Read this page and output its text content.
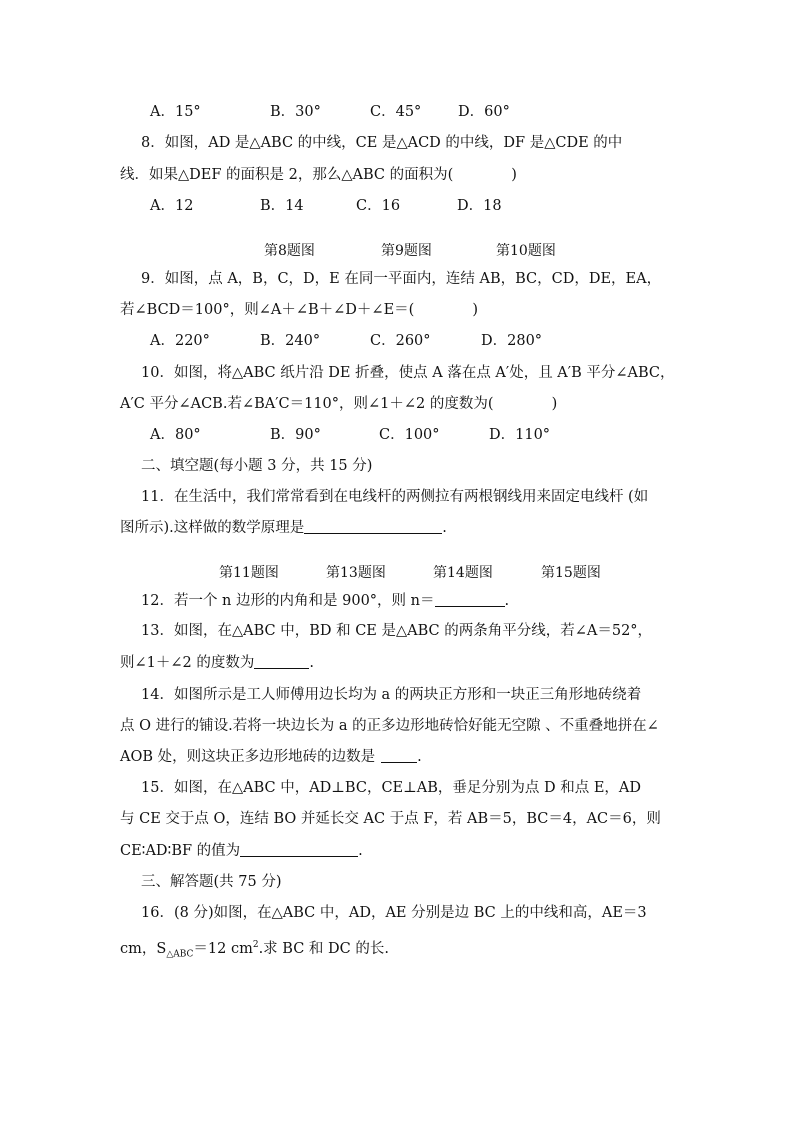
A．15°	B．30°	C．45°	D．60°
8．如图，AD 是△ABC 的中线，CE 是△ACD 的中线，DF 是△CDE 的中
线．如果△DEF 的面积是 2，那么△ABC 的面积为(	)
A．12	B．14	C．16	D．18
第8题图	第9题图	第10题图
9．如图，点 A，B，C，D，E 在同一平面内，连结 AB，BC，CD，DE，EA，
若∠BCD＝100°，则∠A＋∠B＋∠D＋∠E＝(	)
A．220°	B．240°	C．260°	D．280°
10．如图，将△ABC 纸片沿 DE 折叠，使点 A 落在点 A′处，且 A′B 平分∠ABC，
A′C 平分∠ACB.若∠BA′C＝110°，则∠1＋∠2 的度数为(	)
A．80°	B．90°	C．100°	D．110°
二、填空题(每小题 3 分，共 15 分)
11．在生活中，我们常常看到在电线杆的两侧拉有两根钢线用来固定电线杆 (如
图所示).这样做的数学原理是	.
第11题图	第13题图	第14题图	第15题图
12．若一个 n 边形的内角和是 900°，则 n＝	.
13．如图，在△ABC 中，BD 和 CE 是△ABC 的两条角平分线，若∠A＝52°，
则∠1＋∠2 的度数为	.
14．如图所示是工人师傅用边长均为 a 的两块正方形和一块正三角形地砖绕着
点 O 进行的铺设.若将一块边长为 a 的正多边形地砖恰好能无空隙 、不重叠地拼在∠
AOB 处，则这块正多边形地砖的边数是	.
15．如图，在△ABC 中，AD⊥BC，CE⊥AB，垂足分别为点 D 和点 E，AD
与 CE 交于点 O，连结 BO 并延长交 AC 于点 F，若 AB＝5，BC＝4，AC＝6，则
CE∶AD∶BF 的值为	.
三、解答题(共 75 分)
16．(8 分)如图，在△ABC 中，AD，AE 分别是边 BC 上的中线和高，AE＝3
cm，$S_{\triangle ABC}=12$ $cm^2$.求 BC 和 DC 的长.
